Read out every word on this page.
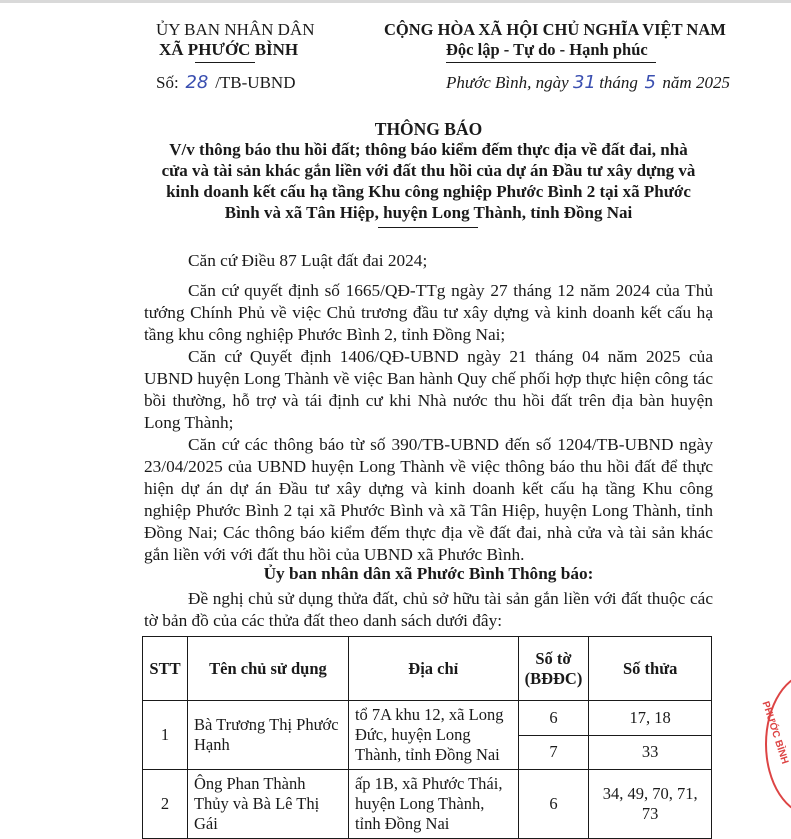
ỦY BAN NHÂN DÂN
XÃ PHƯỚC BÌNH
CỘNG HÒA XÃ HỘI CHỦ NGHĨA VIỆT NAM
Độc lập - Tự do - Hạnh phúc
Số: 28 /TB-UBND	Phước Bình, ngày 31 tháng 5 năm 2025
THÔNG BÁO
V/v thông báo thu hồi đất; thông báo kiểm đếm thực địa về đất đai, nhà
cửa và tài sản khác gắn liền với đất thu hồi của dự án Đầu tư xây dựng và
kinh doanh kết cấu hạ tầng Khu công nghiệp Phước Bình 2 tại xã Phước
Bình và xã Tân Hiệp, huyện Long Thành, tỉnh Đồng Nai
Căn cứ Điều 87 Luật đất đai 2024;
Căn cứ quyết định số 1665/QĐ-TTg ngày 27 tháng 12 năm 2024 của Thủ tướng Chính Phủ về việc Chủ trương đầu tư xây dựng và kinh doanh kết cấu hạ tầng khu công nghiệp Phước Bình 2, tỉnh Đồng Nai;
Căn cứ Quyết định 1406/QĐ-UBND ngày 21 tháng 04 năm 2025 của UBND huyện Long Thành về việc Ban hành Quy chế phối hợp thực hiện công tác bồi thường, hỗ trợ và tái định cư khi Nhà nước thu hồi đất trên địa bàn huyện Long Thành;
Căn cứ các thông báo từ số 390/TB-UBND đến số 1204/TB-UBND ngày 23/04/2025 của UBND huyện Long Thành về việc thông báo thu hồi đất để thực hiện dự án dự án Đầu tư xây dựng và kinh doanh kết cấu hạ tầng Khu công nghiệp Phước Bình 2 tại xã Phước Bình và xã Tân Hiệp, huyện Long Thành, tỉnh Đồng Nai; Các thông báo kiểm đếm thực địa về đất đai, nhà cửa và tài sản khác gắn liền với với đất thu hồi của UBND xã Phước Bình.
Ủy ban nhân dân xã Phước Bình Thông báo:
Đề nghị chủ sử dụng thửa đất, chủ sở hữu tài sản gắn liền với đất thuộc các tờ bản đồ của các thửa đất theo danh sách dưới đây:
STT	Tên chủ sử dụng	Địa chỉ	Số tờ (BĐĐC)	Số thửa
1	Bà Trương Thị Phước Hạnh	tổ 7A khu 12, xã Long Đức, huyện Long Thành, tỉnh Đồng Nai	6	17, 18
			7	33
2	Ông Phan Thành Thủy và Bà Lê Thị Gái	ấp 1B, xã Phước Thái, huyện Long Thành, tỉnh Đồng Nai	6	34, 49, 70, 71, 73
PHƯỚC BÌNH
